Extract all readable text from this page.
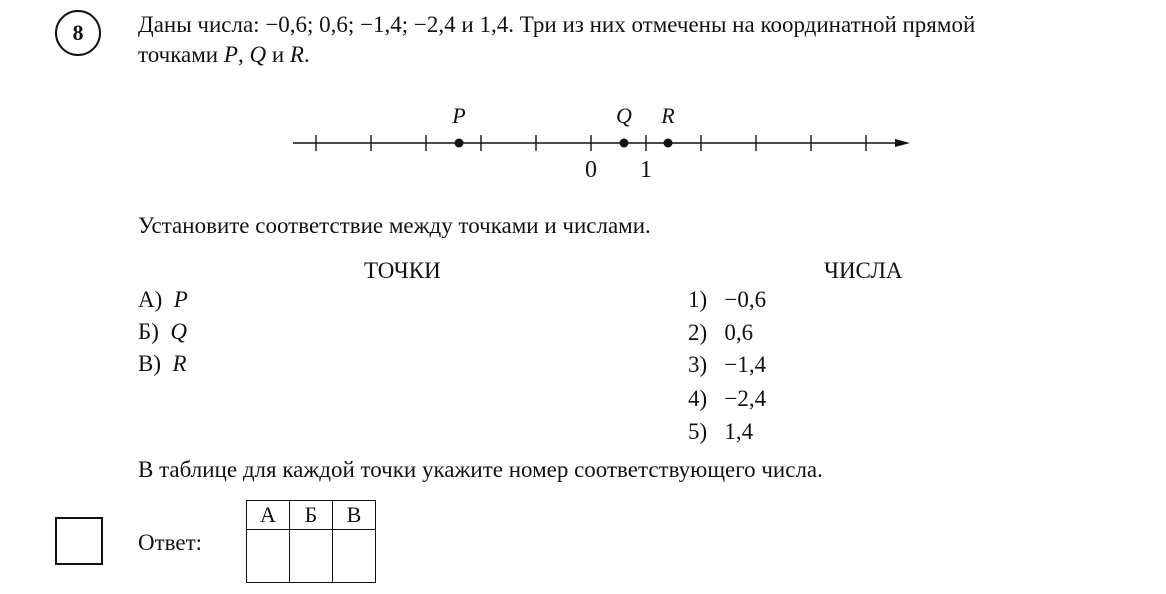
8 Даны числа: −0,6; 0,6; −1,4; −2,4 и 1,4. Три из них отмечены на координатной прямой
точками P, Q и R.
0 1
P	Q R
Установите соответствие между точками и числами.
ТОЧКИ	ЧИСЛА
А) P
Б) Q
В) R
1) −0,6
2) 0,6
3) −1,4
4) −2,4
5) 1,4
В таблице для каждой точки укажите номер соответствующего числа.
Ответ:
А	Б	В
